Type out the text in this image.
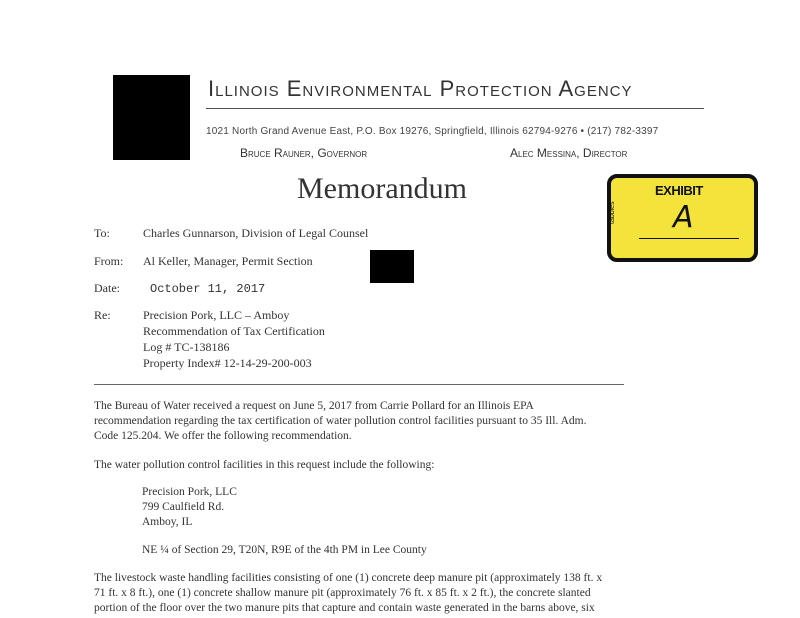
Illinois Environmental Protection Agency
1021 North Grand Avenue East, P.O. Box 19276, Springfield, Illinois 62794-9276 • (217) 782-3397
Bruce Rauner, Governor	Alec Messina, Director
Memorandum	EXHIBIT
tabbies A
To:	Charles Gunnarson, Division of Legal Counsel
From: Al Keller, Manager, Permit Section
Date:	October 11, 2017
Re:	Precision Pork, LLC – Amboy
Recommendation of Tax Certification
Log # TC-138186
Property Index# 12-14-29-200-003
The Bureau of Water received a request on June 5, 2017 from Carrie Pollard for an Illinois EPA
recommendation regarding the tax certification of water pollution control facilities pursuant to 35 Ill. Adm.
Code 125.204. We offer the following recommendation.
The water pollution control facilities in this request include the following:
Precision Pork, LLC
799 Caulfield Rd.
Amboy, IL
NE ¼ of Section 29, T20N, R9E of the 4th PM in Lee County
The livestock waste handling facilities consisting of one (1) concrete deep manure pit (approximately 138 ft. x
71 ft. x 8 ft.), one (1) concrete shallow manure pit (approximately 76 ft. x 85 ft. x 2 ft.), the concrete slanted
portion of the floor over the two manure pits that capture and contain waste generated in the barns above, six
